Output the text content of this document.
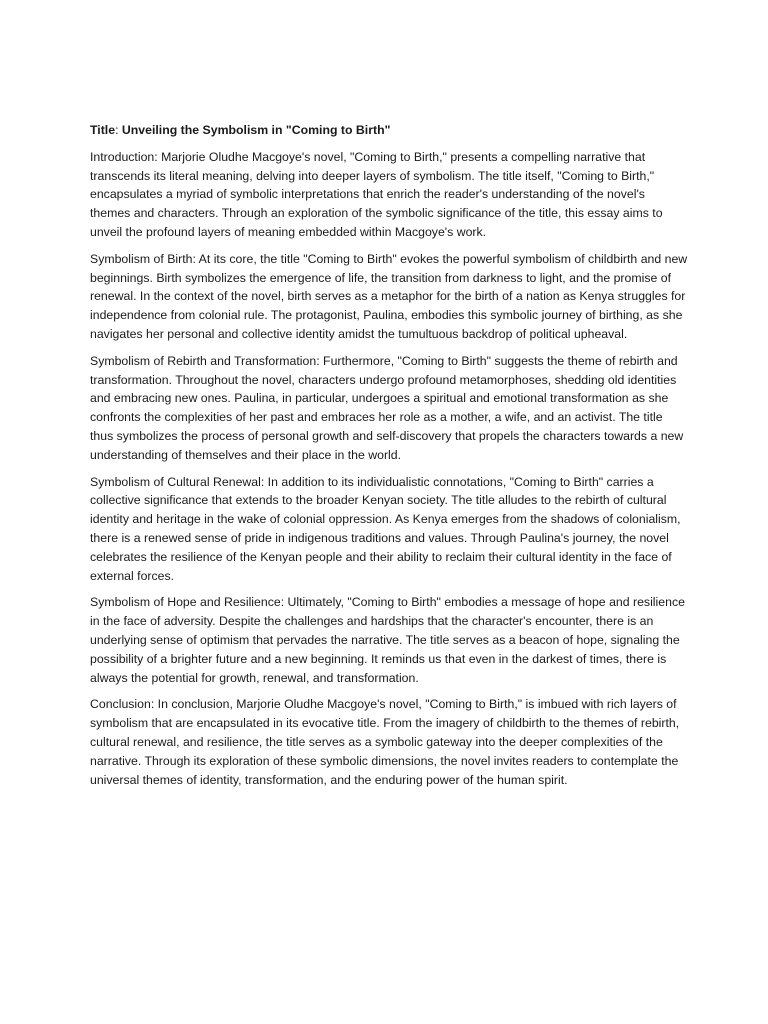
Title: Unveiling the Symbolism in "Coming to Birth"

Introduction: Marjorie Oludhe Macgoye's novel, "Coming to Birth," presents a compelling narrative that transcends its literal meaning, delving into deeper layers of symbolism. The title itself, "Coming to Birth," encapsulates a myriad of symbolic interpretations that enrich the reader's understanding of the novel's themes and characters. Through an exploration of the symbolic significance of the title, this essay aims to unveil the profound layers of meaning embedded within Macgoye's work.

Symbolism of Birth: At its core, the title "Coming to Birth" evokes the powerful symbolism of childbirth and new beginnings. Birth symbolizes the emergence of life, the transition from darkness to light, and the promise of renewal. In the context of the novel, birth serves as a metaphor for the birth of a nation as Kenya struggles for independence from colonial rule. The protagonist, Paulina, embodies this symbolic journey of birthing, as she navigates her personal and collective identity amidst the tumultuous backdrop of political upheaval.

Symbolism of Rebirth and Transformation: Furthermore, "Coming to Birth" suggests the theme of rebirth and transformation. Throughout the novel, characters undergo profound metamorphoses, shedding old identities and embracing new ones. Paulina, in particular, undergoes a spiritual and emotional transformation as she confronts the complexities of her past and embraces her role as a mother, a wife, and an activist. The title thus symbolizes the process of personal growth and self-discovery that propels the characters towards a new understanding of themselves and their place in the world.

Symbolism of Cultural Renewal: In addition to its individualistic connotations, "Coming to Birth" carries a collective significance that extends to the broader Kenyan society. The title alludes to the rebirth of cultural identity and heritage in the wake of colonial oppression. As Kenya emerges from the shadows of colonialism, there is a renewed sense of pride in indigenous traditions and values. Through Paulina's journey, the novel celebrates the resilience of the Kenyan people and their ability to reclaim their cultural identity in the face of external forces.

Symbolism of Hope and Resilience: Ultimately, "Coming to Birth" embodies a message of hope and resilience in the face of adversity. Despite the challenges and hardships that the character's encounter, there is an underlying sense of optimism that pervades the narrative. The title serves as a beacon of hope, signaling the possibility of a brighter future and a new beginning. It reminds us that even in the darkest of times, there is always the potential for growth, renewal, and transformation.

Conclusion: In conclusion, Marjorie Oludhe Macgoye's novel, "Coming to Birth," is imbued with rich layers of symbolism that are encapsulated in its evocative title. From the imagery of childbirth to the themes of rebirth, cultural renewal, and resilience, the title serves as a symbolic gateway into the deeper complexities of the narrative. Through its exploration of these symbolic dimensions, the novel invites readers to contemplate the universal themes of identity, transformation, and the enduring power of the human spirit.
